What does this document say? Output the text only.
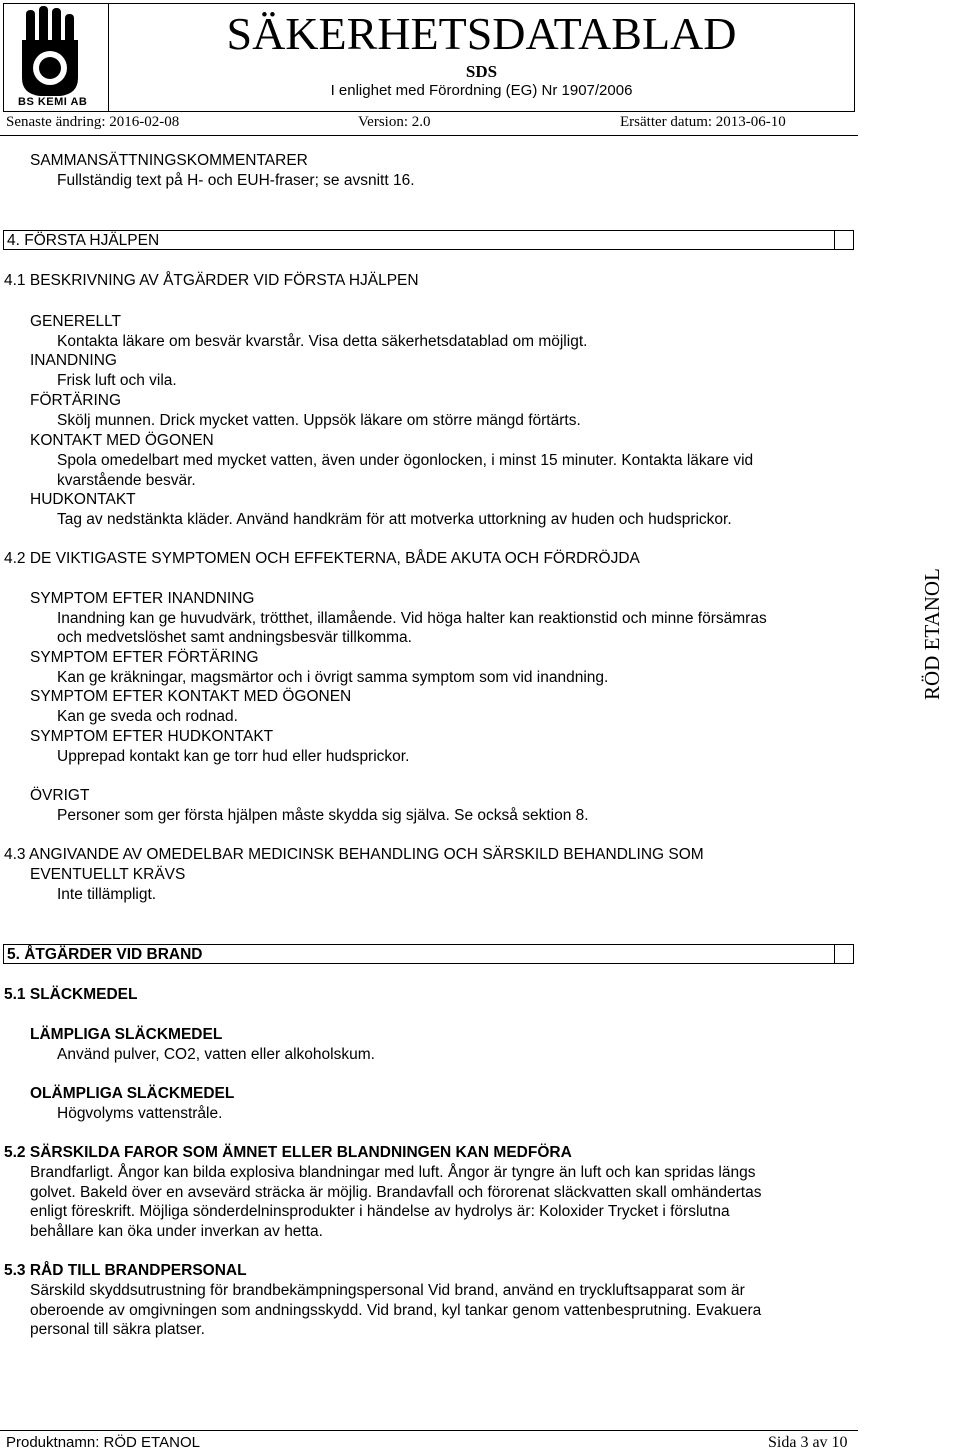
BS KEMI AB
SÄKERHETSDATABLAD
SDS
I enlighet med Förordning (EG) Nr 1907/2006
Senaste ändring: 2016-02-08	Version: 2.0	Ersätter datum: 2013-06-10
SAMMANSÄTTNINGSKOMMENTARER
Fullständig text på H- och EUH-fraser; se avsnitt 16.
4. FÖRSTA HJÄLPEN
4.1 BESKRIVNING AV ÅTGÄRDER VID FÖRSTA HJÄLPEN
GENERELLT
Kontakta läkare om besvär kvarstår. Visa detta säkerhetsdatablad om möjligt.
INANDNING
Frisk luft och vila.
FÖRTÄRING
Skölj munnen. Drick mycket vatten. Uppsök läkare om större mängd förtärts.
KONTAKT MED ÖGONEN
Spola omedelbart med mycket vatten, även under ögonlocken, i minst 15 minuter. Kontakta läkare vid
kvarstående besvär.
HUDKONTAKT
Tag av nedstänkta kläder. Använd handkräm för att motverka uttorkning av huden och hudsprickor.
4.2 DE VIKTIGASTE SYMPTOMEN OCH EFFEKTERNA, BÅDE AKUTA OCH FÖRDRÖJDA
SYMPTOM EFTER INANDNING
Inandning kan ge huvudvärk, trötthet, illamående. Vid höga halter kan reaktionstid och minne försämras
och medvetslöshet samt andningsbesvär tillkomma.
SYMPTOM EFTER FÖRTÄRING
Kan ge kräkningar, magsmärtor och i övrigt samma symptom som vid inandning.
SYMPTOM EFTER KONTAKT MED ÖGONEN
Kan ge sveda och rodnad.
SYMPTOM EFTER HUDKONTAKT
Upprepad kontakt kan ge torr hud eller hudsprickor.
ÖVRIGT
Personer som ger första hjälpen måste skydda sig själva. Se också sektion 8.
4.3 ANGIVANDE AV OMEDELBAR MEDICINSK BEHANDLING OCH SÄRSKILD BEHANDLING SOM
EVENTUELLT KRÄVS
Inte tillämpligt.
5. ÅTGÄRDER VID BRAND
5.1 SLÄCKMEDEL
LÄMPLIGA SLÄCKMEDEL
Använd pulver, CO2, vatten eller alkoholskum.
OLÄMPLIGA SLÄCKMEDEL
Högvolyms vattenstråle.
5.2 SÄRSKILDA FAROR SOM ÄMNET ELLER BLANDNINGEN KAN MEDFÖRA
Brandfarligt. Ångor kan bilda explosiva blandningar med luft. Ångor är tyngre än luft och kan spridas längs
golvet. Bakeld över en avsevärd sträcka är möjlig. Brandavfall och förorenat släckvatten skall omhändertas
enligt föreskrift. Möjliga sönderdelninsprodukter i händelse av hydrolys är: Koloxider Trycket i förslutna
behållare kan öka under inverkan av hetta.
5.3 RÅD TILL BRANDPERSONAL
Särskild skyddsutrustning för brandbekämpningspersonal Vid brand, använd en tryckluftsapparat som är
oberoende av omgivningen som andningsskydd. Vid brand, kyl tankar genom vattenbesprutning. Evakuera
personal till säkra platser.
RÖD ETANOL
Produktnamn: RÖD ETANOL	Sida 3 av 10
